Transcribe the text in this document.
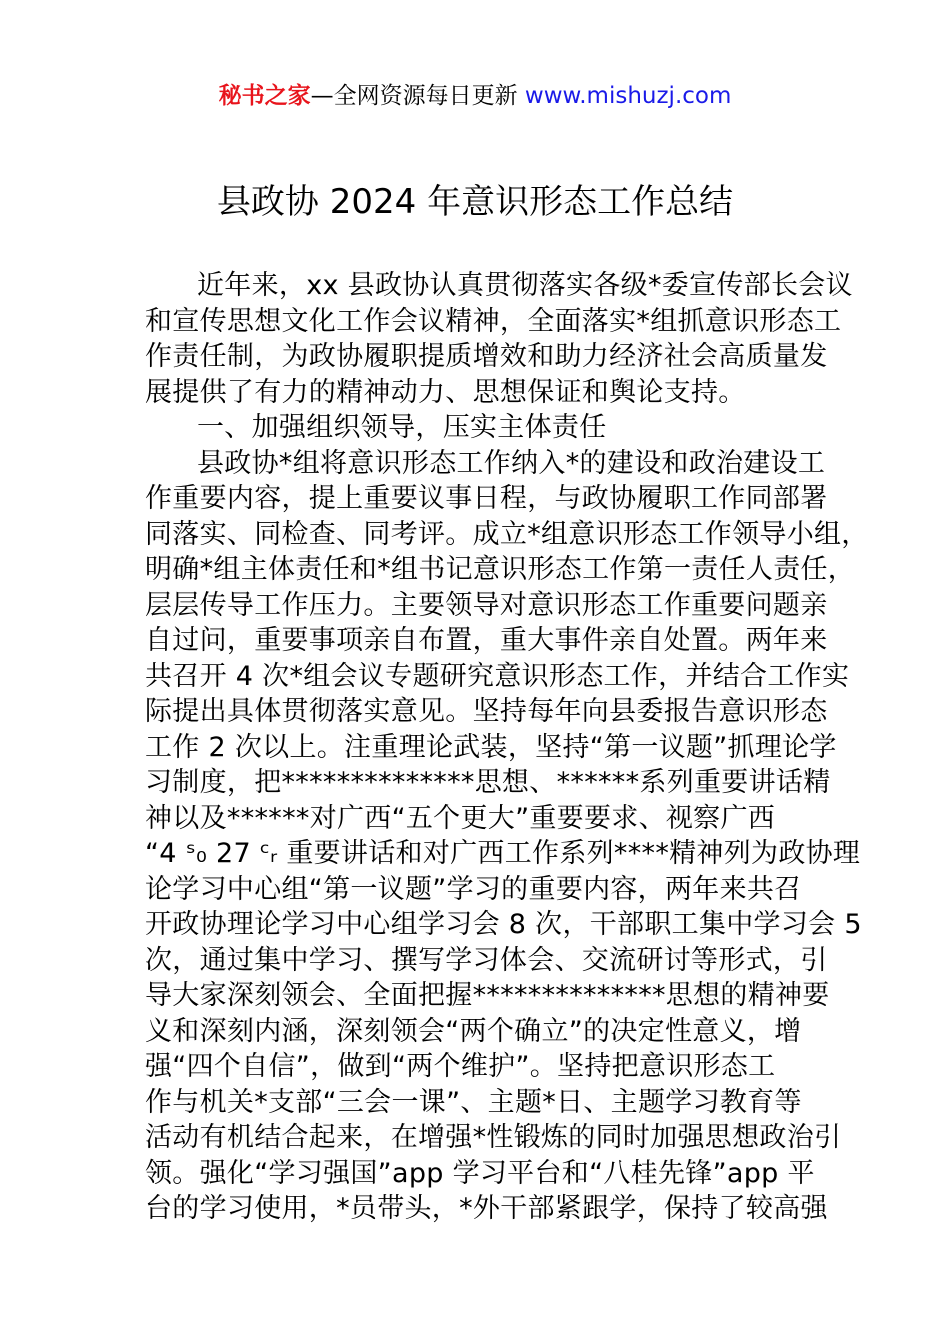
秘书之家—全网资源每日更新 www.mishuzj.com
县政协 2024 年意识形态工作总结
近年来，xx 县政协认真贯彻落实各级*委宣传部长会议
和宣传思想文化工作会议精神，全面落实*组抓意识形态工
作责任制，为政协履职提质增效和助力经济社会高质量发
展提供了有力的精神动力、思想保证和舆论支持。
一、加强组织领导，压实主体责任
县政协*组将意识形态工作纳入*的建设和政治建设工
作重要内容，提上重要议事日程，与政协履职工作同部署
同落实、同检查、同考评。成立*组意识形态工作领导小组，
明确*组主体责任和*组书记意识形态工作第一责任人责任，
层层传导工作压力。主要领导对意识形态工作重要问题亲
自过问，重要事项亲自布置，重大事件亲自处置。两年来
共召开 4 次*组会议专题研究意识形态工作，并结合工作实
际提出具体贯彻落实意见。坚持每年向县委报告意识形态
工作 2 次以上。注重理论武装，坚持“第一议题”抓理论学
习制度，把**************思想、******系列重要讲话精
神以及******对广西“五个更大”重要要求、视察广西
“4 ˢ₀ 27 ᶜᵣ 重要讲话和对广西工作系列****精神列为政协理
论学习中心组“第一议题”学习的重要内容，两年来共召
开政协理论学习中心组学习会 8 次，干部职工集中学习会 5
次，通过集中学习、撰写学习体会、交流研讨等形式，引
导大家深刻领会、全面把握**************思想的精神要
义和深刻内涵，深刻领会“两个确立”的决定性意义，增
强“四个自信”，做到“两个维护”。坚持把意识形态工
作与机关*支部“三会一课”、主题*日、主题学习教育等
活动有机结合起来，在增强*性锻炼的同时加强思想政治引
领。强化“学习强国”app 学习平台和“八桂先锋”app 平
台的学习使用，*员带头，*外干部紧跟学，保持了较高强
